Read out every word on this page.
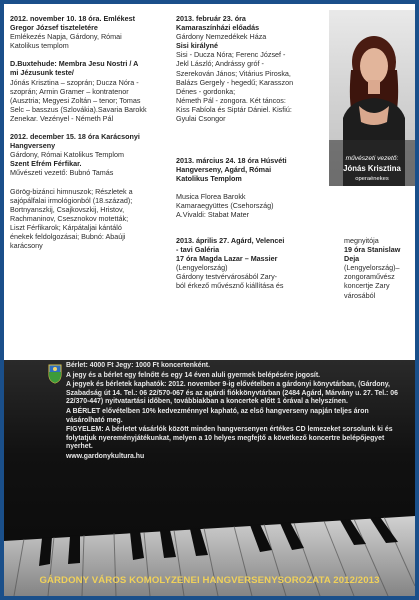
2012. november 10. 18 óra. Emlékest
Gregor József tiszteletére
Emlékezés Napja, Gárdony, Római
Katolikus templom
D.Buxtehude: Membra Jesu Nostri / A
mi Jézusunk teste/
Jónás Krisztina – szoprán; Ducza Nóra -
szoprán; Armin Gramer – kontratenor
(Ausztria; Megyesi Zoltán – tenor; Tomas
Selc – basszus (Szlovákia).Savaria Barokk
Zenekar. Vezényel - Németh Pál
2012. december 15. 18 óra Karácsonyi
Hangverseny
Gárdony, Római Katolikus Templom
Szent Efrém Férfikar.
Művészeti vezető: Bubnó Tamás
Görög-bizánci himnuszok; Részletek a
sajópálfalai irmológionból (18.század);
Bortnyanszkij, Csajkovszkij, Hristov,
Rachmaninov, Csesznokov motetták;
Liszt Férfikarok; Kárpátaljai kántáló
énekek feldolgozásai; Bubnó: Abaúji
karácsony
2013. február 23. óra
Kamaraszínházi előadás
Gárdony Nemzedékek Háza
Sisi királyné
Sisi - Ducza Nóra; Ferenc József -
Jekl László; Andrássy gróf -
Szerekován János; Vitárius Piroska,
Balázs Gergely - hegedű; Karasszon
Dénes - gordonka;
Németh Pál - zongora. Két táncos:
Kiss Fabíola és Siptár Dániel. Kisfiú:
Gyulai Csongor
2013. március 24. 18 óra Húsvéti
Hangverseny, Agárd, Római
Katolikus Templom
Musica Florea Barokk
Kamaraegyüttes (Csehország)
A.Vivaldi: Stabat Mater
2013. április 27. Agárd, Velencei
- tavi Galéria
17 óra Magda Lazar – Massier
(Lengyelország)
Gárdony testvérvárosából Zary-
ból érkező művésznő kiállítása és
megnyitója
19 óra Stanislaw
Deja
(Lengyelország)–
zongoraművész
koncertje Zary
városából
művészeti vezető:
Jónás Krisztina
operaénekes

Bérlet: 4000 Ft Jegy: 1000 Ft koncertenként.

A jegy és a bérlet egy felnőtt és egy 14 éven aluli gyermek belépésére jogosít.

A jegyek és bérletek kaphatók: 2012. november 9-ig elővételben a gárdonyi könyvtárban, (Gárdony, Szabadság út 14. Tel.: 06 22/570-067 és az agárdi fiókkönyvtárban (2484 Agárd, Márvány u. 27. Tel.: 06 22/370-447) nyitvatartási időben, továbbiakban a koncertek előtt 1 órával a helyszínen.

A BÉRLET elővételben 10% kedvezménnyel kapható, az első hangverseny napján teljes áron vásárolható meg.

FIGYELEM: A bérletet vásárlók között minden hangversenyen értékes CD lemezeket sorsolunk ki és folytatjuk nyereményjátékunkat, melyen a 10 helyes megfejtő a következő koncertre belépőjegyet nyerhet.

www.gardonykultura.hu

GÁRDONY VÁROS KOMOLYZENEI HANGVERSENYSOROZATA 2012/2013
